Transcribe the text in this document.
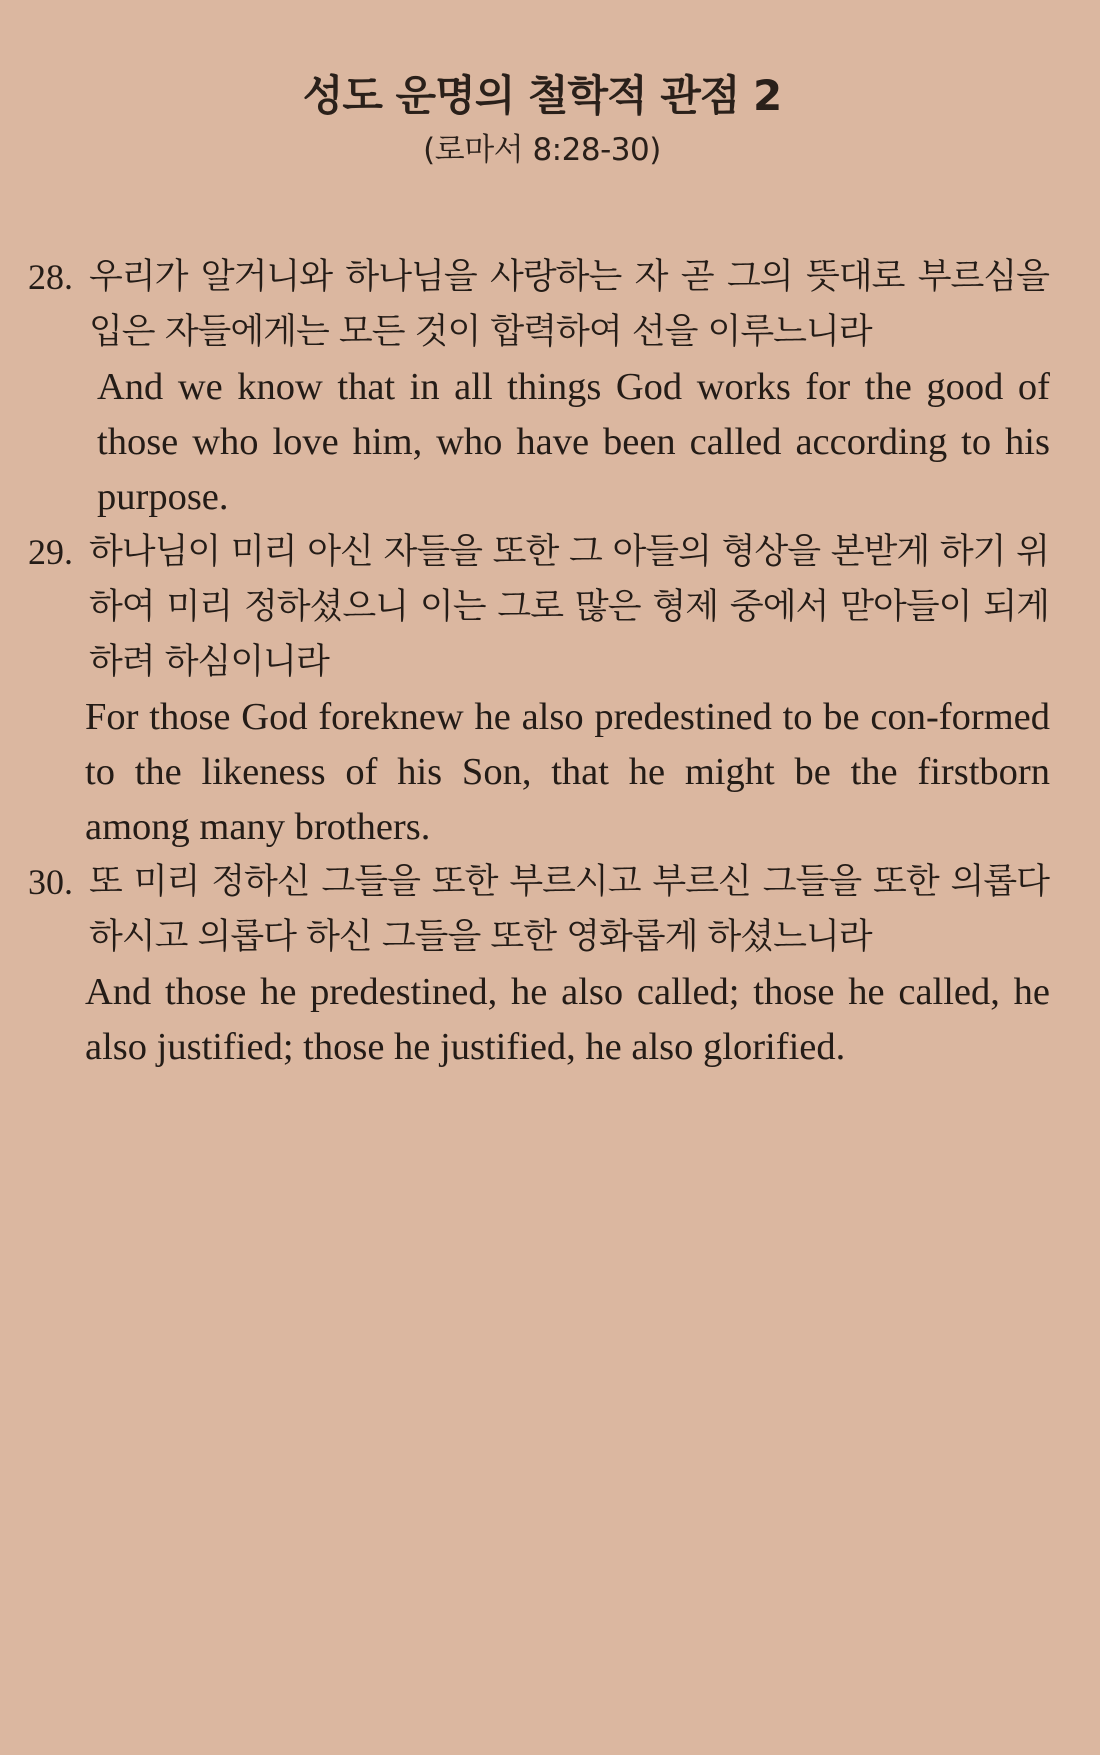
성도 운명의 철학적 관점 2
(로마서 8:28-30)
28. 우리가 알거니와 하나님을 사랑하는 자 곧 그의 뜻대로 부르심을 입은 자들에게는 모든 것이 합력하여 선을 이루느니라
And we know that in all things God works for the good of those who love him, who have been called according to his purpose.
29. 하나님이 미리 아신 자들을 또한 그 아들의 형상을 본받게 하기 위하여 미리 정하셨으니 이는 그로 많은 형제 중에서 맏아들이 되게 하려 하심이니라
For those God foreknew he also predestined to be con-formed to the likeness of his Son, that he might be the firstborn among many brothers.
30. 또 미리 정하신 그들을 또한 부르시고 부르신 그들을 또한 의롭다 하시고 의롭다 하신 그들을 또한 영화롭게 하셨느니라
And those he predestined, he also called; those he called, he also justified; those he justified, he also glorified.
